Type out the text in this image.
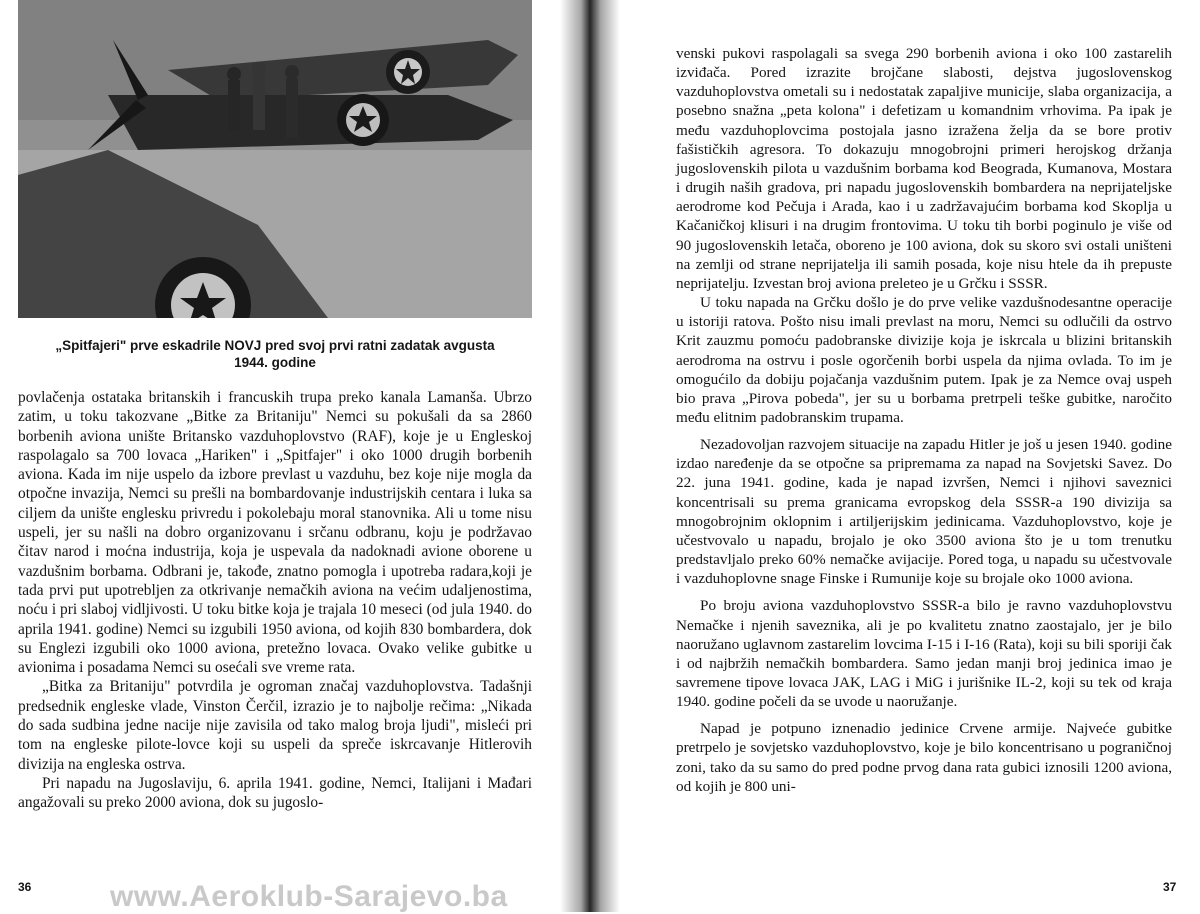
„Spitfajeri" prve eskadrile NOVJ pred svoj prvi ratni zadatak avgusta
1944. godine

povlačenja ostataka britanskih i francuskih trupa preko kanala Lamanša. Ubrzo zatim, u toku takozvane „Bitke za Britaniju" Nemci su pokušali da sa 2860 borbenih aviona unište Britansko vazduhoplovstvo (RAF), koje je u Engleskoj raspolagalo sa 700 lovaca „Hariken" i „Spitfajer" i oko 1000 drugih borbenih aviona. Kada im nije uspelo da izbore prevlast u vazduhu, bez koje nije mogla da otpočne invazija, Nemci su prešli na bombardovanje industrijskih centara i luka sa ciljem da unište englesku privredu i pokolebaju moral stanovnika. Ali u tome nisu uspeli, jer su našli na dobro organizovanu i srčanu odbranu, koju je podržavao čitav narod i moćna industrija, koja je uspevala da nadoknadi avione oborene u vazdušnim borbama. Odbrani je, takođe, znatno pomogla i upotreba radara,koji je tada prvi put upotrebljen za otkrivanje nemačkih aviona na većim udaljenostima, noću i pri slaboj vidljivosti. U toku bitke koja je trajala 10 meseci (od jula 1940. do aprila 1941. godine) Nemci su izgubili 1950 aviona, od kojih 830 bombardera, dok su Englezi izgubili oko 1000 aviona, pretežno lovaca. Ovako velike gubitke u avionima i posadama Nemci su osećali sve vreme rata.

„Bitka za Britaniju" potvrdila je ogroman značaj vazduhoplovstva. Tadašnji predsednik engleske vlade, Vinston Čerčil, izrazio je to najbolje rečima: „Nikada do sada sudbina jedne nacije nije zavisila od tako malog broja ljudi", misleći pri tom na engleske pilote-lovce koji su uspeli da spreče iskrcavanje Hitlerovih divizija na engleska ostrva.

Pri napadu na Jugoslaviju, 6. aprila 1941. godine, Nemci, Italijani i Mađari angažovali su preko 2000 aviona, dok su jugoslo-

36

venski pukovi raspolagali sa svega 290 borbenih aviona i oko 100 zastarelih izviđača. Pored izrazite brojčane slabosti, dejstva jugoslovenskog vazduhoplovstva ometali su i nedostatak zapaljive municije, slaba organizacija, a posebno snažna „peta kolona" i defetizam u komandnim vrhovima. Pa ipak je među vazduhoplovcima postojala jasno izražena želja da se bore protiv fašističkih agresora. To dokazuju mnogobrojni primeri herojskog držanja jugoslovenskih pilota u vazdušnim borbama kod Beograda, Kumanova, Mostara i drugih naših gradova, pri napadu jugoslovenskih bombardera na neprijateljske aerodrome kod Pečuja i Arada, kao i u zadržavajućim borbama kod Skoplja u Kačaničkoj klisuri i na drugim frontovima. U toku tih borbi poginulo je više od 90 jugoslovenskih letača, oboreno je 100 aviona, dok su skoro svi ostali uništeni na zemlji od strane neprijatelja ili samih posada, koje nisu htele da ih prepuste neprijatelju. Izvestan broj aviona preleteo je u Grčku i SSSR.

U toku napada na Grčku došlo je do prve velike vazdušnodesantne operacije u istoriji ratova. Pošto nisu imali prevlast na moru, Nemci su odlučili da ostrvo Krit zauzmu pomoću padobranske divizije koja je iskrcala u blizini britanskih aerodroma na ostrvu i posle ogorčenih borbi uspela da njima ovlada. To im je omogućilo da dobiju pojačanja vazdušnim putem. Ipak je za Nemce ovaj uspeh bio prava „Pirova pobeda", jer su u borbama pretrpeli teške gubitke, naročito među elitnim padobranskim trupama.

Nezadovoljan razvojem situacije na zapadu Hitler je još u jesen 1940. godine izdao naređenje da se otpočne sa pripremama za napad na Sovjetski Savez. Do 22. juna 1941. godine, kada je napad izvršen, Nemci i njihovi saveznici koncentrisali su prema granicama evropskog dela SSSR-a 190 divizija sa mnogobrojnim oklopnim i artiljerijskim jedinicama. Vazduhoplovstvo, koje je učestvovalo u napadu, brojalo je oko 3500 aviona što je u tom trenutku predstavljalo preko 60% nemačke avijacije. Pored toga, u napadu su učestvovale i vazduhoplovne snage Finske i Rumunije koje su brojale oko 1000 aviona.

Po broju aviona vazduhoplovstvo SSSR-a bilo je ravno vazduhoplovstvu Nemačke i njenih saveznika, ali je po kvalitetu znatno zaostajalo, jer je bilo naoružano uglavnom zastarelim lovcima I-15 i I-16 (Rata), koji su bili sporiji čak i od najbržih nemačkih bombardera. Samo jedan manji broj jedinica imao je savremene tipove lovaca JAK, LAG i MiG i jurišnike IL-2, koji su tek od kraja 1940. godine počeli da se uvode u naoružanje.

Napad je potpuno iznenadio jedinice Crvene armije. Najveće gubitke pretrpelo je sovjetsko vazduhoplovstvo, koje je bilo koncentrisano u pograničnoj zoni, tako da su samo do pred podne prvog dana rata gubici iznosili 1200 aviona, od kojih je 800 uni-

37
www.Aeroklub-Sarajevo.ba
